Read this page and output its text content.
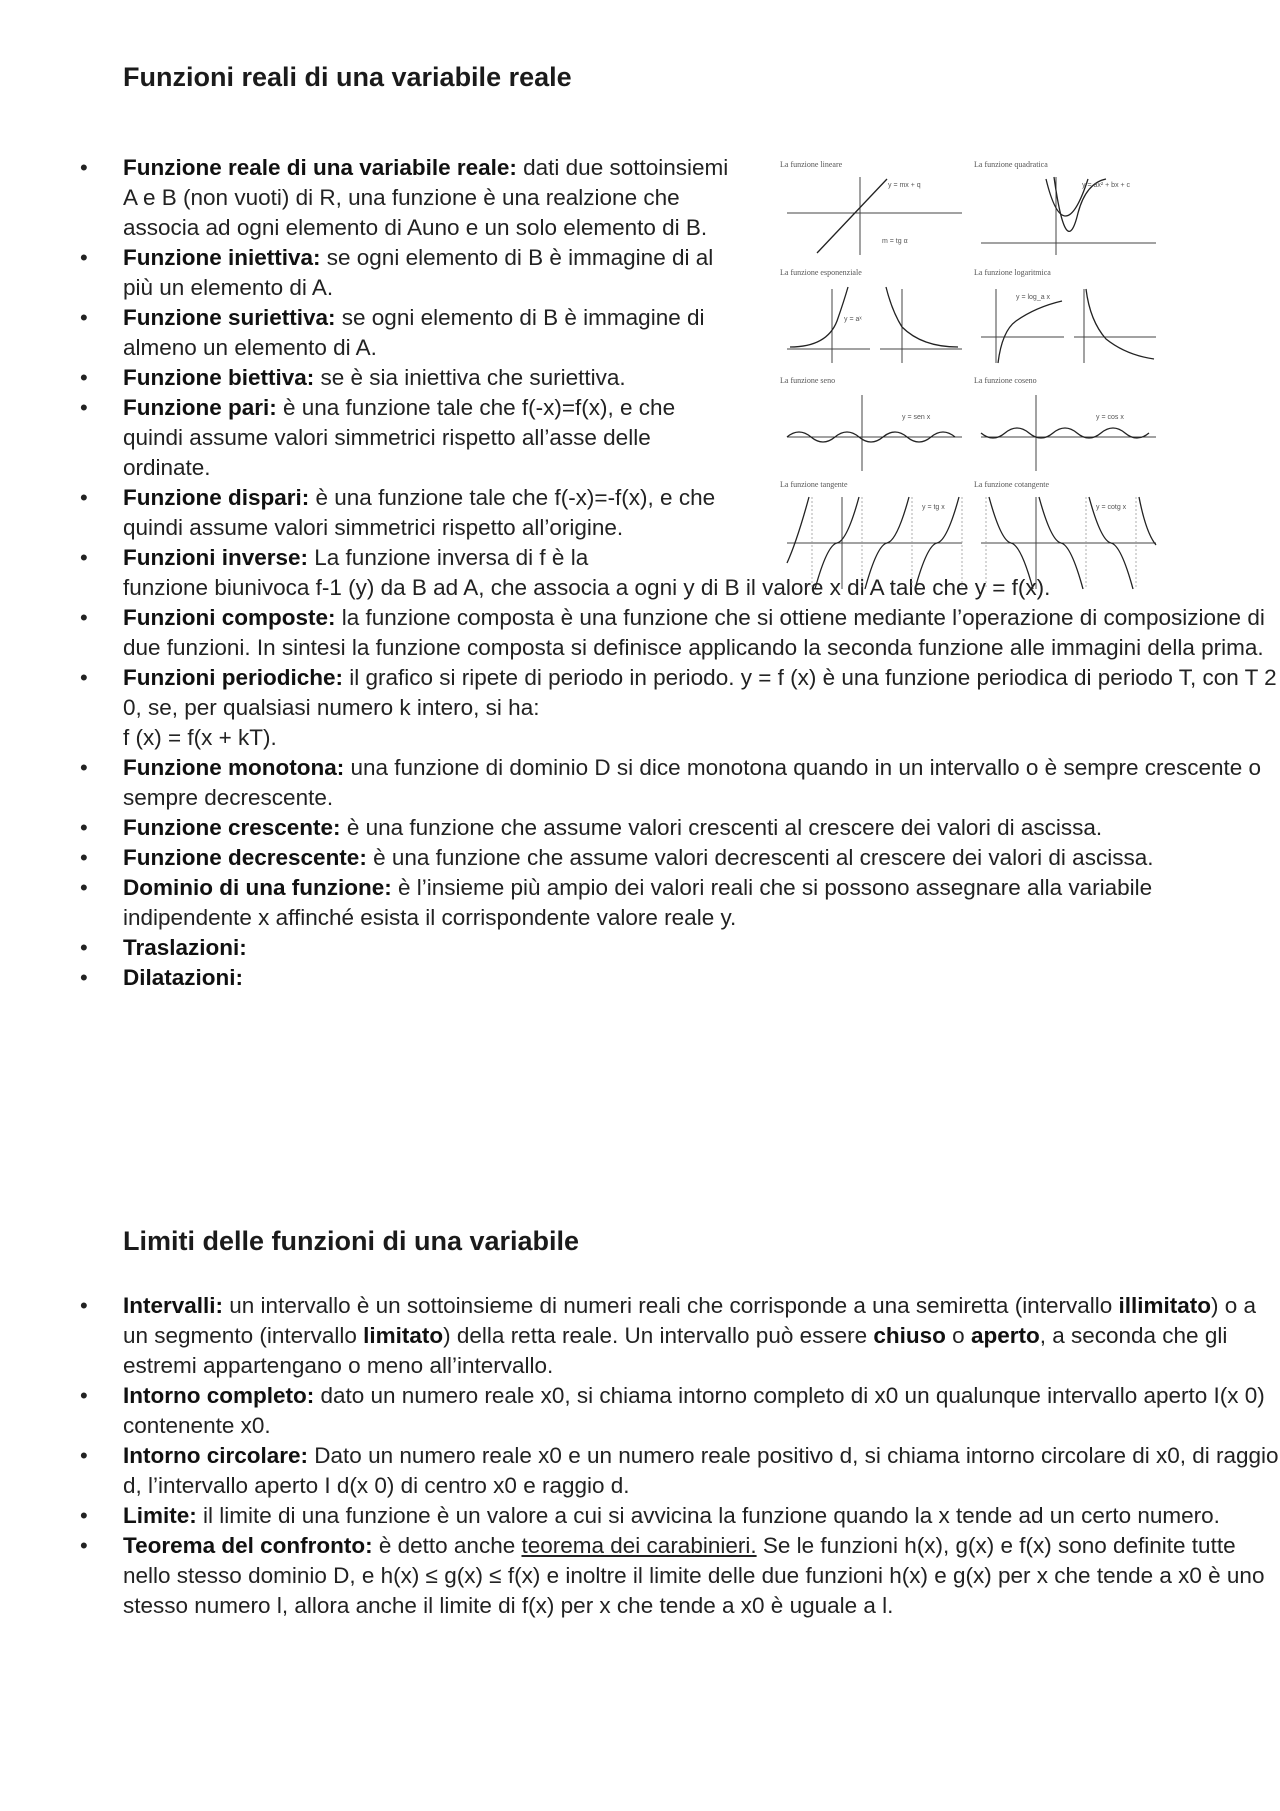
Funzioni reali di una variabile reale
• Funzione reale di una variabile reale: dati due sottoinsiemi A e B (non vuoti) di R, una funzione è una realzione che associa ad ogni elemento di Auno e un solo elemento di B.
• Funzione iniettiva: se ogni elemento di B è immagine di al più un elemento di A.
• Funzione suriettiva: se ogni elemento di B è immagine di almeno un elemento di A.
• Funzione biettiva: se è sia iniettiva che suriettiva.
• Funzione pari: è una funzione tale che f(-x)=f(x), e che quindi assume valori simmetrici rispetto all’asse delle ordinate.
• Funzione dispari: è una funzione tale che f(-x)=-f(x), e che quindi assume valori simmetrici rispetto all’origine.
• Funzioni inverse: La funzione inversa di f è la
funzione biunivoca f-1 (y) da B ad A, che associa a ogni y di B il valore x di A tale che y = f(x).
• Funzioni composte: la funzione composta è una funzione che si ottiene mediante l’operazione di composizione di due funzioni. In sintesi la funzione composta si definisce applicando la seconda funzione alle immagini della prima.
• Funzioni periodiche: il grafico si ripete di periodo in periodo. y = f (x) è una funzione periodica di periodo T, con T 2 0, se, per qualsiasi numero k intero, si ha:
f (x) = f(x + kT).
• Funzione monotona: una funzione di dominio D si dice monotona quando in un intervallo o è sempre crescente o sempre decrescente.
• Funzione crescente: è una funzione che assume valori crescenti al crescere dei valori di ascissa.
• Funzione decrescente: è una funzione che assume valori decrescenti al crescere dei valori di ascissa.
• Dominio di una funzione: è l’insieme più ampio dei valori reali che si possono assegnare alla variabile indipendente x affinché esista il corrispondente valore reale y.
• Traslazioni:
• Dilatazioni:
La funzione lineare
y = mx + q
m = tg α
La funzione quadratica
y = ax² + bx + c
La funzione esponenziale
y = aˣ
La funzione logaritmica
y = log_a x
La funzione seno
y = sen x
La funzione coseno
y = cos x
La funzione tangente
y = tg x
La funzione cotangente
y = cotg x
Limiti delle funzioni di una variabile
• Intervalli: un intervallo è un sottoinsieme di numeri reali che corrisponde a una semiretta (intervallo illimitato) o a un segmento (intervallo limitato) della retta reale. Un intervallo può essere chiuso o aperto, a seconda che gli estremi appartengano o meno all’intervallo.
• Intorno completo: dato un numero reale x0, si chiama intorno completo di x0 un qualunque intervallo aperto I(x 0) contenente x0.
• Intorno circolare: Dato un numero reale x0 e un numero reale positivo d, si chiama intorno circolare di x0, di raggio d, l’intervallo aperto I d(x 0) di centro x0 e raggio d.
• Limite: il limite di una funzione è un valore a cui si avvicina la funzione quando la x tende ad un certo numero.
• Teorema del confronto: è detto anche teorema dei carabinieri. Se le funzioni h(x), g(x) e f(x) sono definite tutte nello stesso dominio D, e h(x) ≤ g(x) ≤ f(x) e inoltre il limite delle due funzioni h(x) e g(x) per x che tende a x0 è uno stesso numero l, allora anche il limite di f(x) per x che tende a x0 è uguale a l.
